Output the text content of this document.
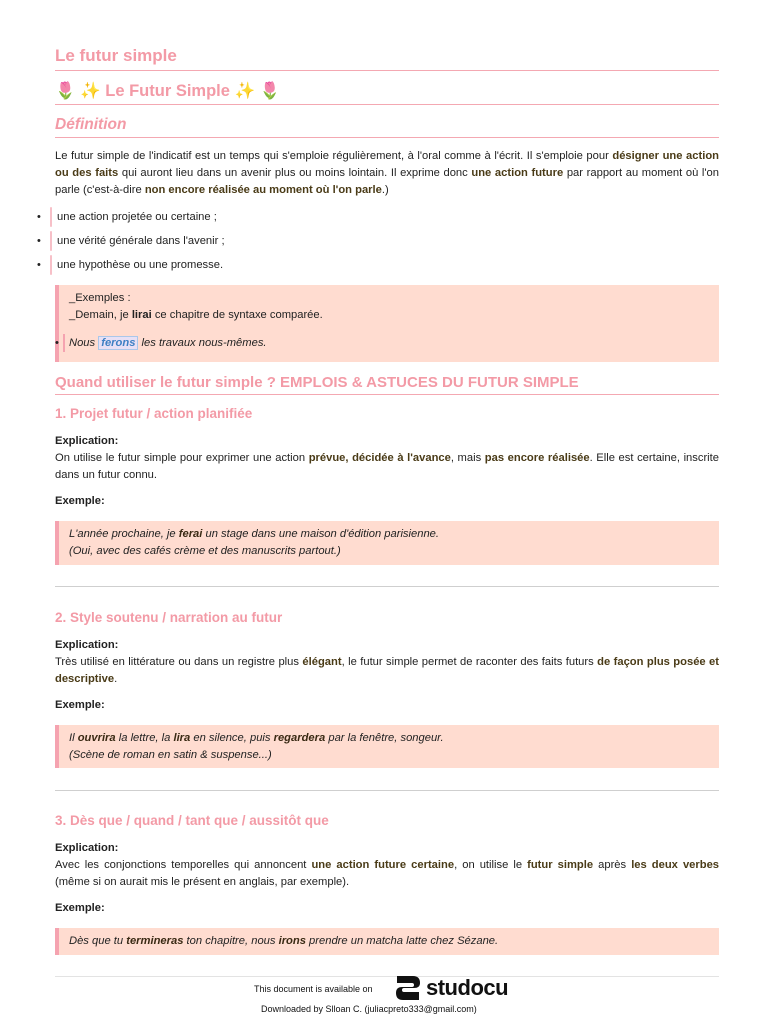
Le futur simple
🌷 ✨ Le Futur Simple ✨ 🌷
Définition
Le futur simple de l'indicatif est un temps qui s'emploie régulièrement, à l'oral comme à l'écrit. Il s'emploie pour désigner une action ou des faits qui auront lieu dans un avenir plus ou moins lointain. Il exprime donc une action future par rapport au moment où l'on parle (c'est-à-dire non encore réalisée au moment où l'on parle.)
• une action projetée ou certaine ;
• une vérité générale dans l'avenir ;
• une hypothèse ou une promesse.
_Exemples :
_Demain, je lirai ce chapitre de syntaxe comparée.
• Nous ferons les travaux nous-mêmes.
Quand utiliser le futur simple ? EMPLOIS & ASTUCES DU FUTUR SIMPLE
1. Projet futur / action planifiée
Explication:
On utilise le futur simple pour exprimer une action prévue, décidée à l'avance, mais pas encore réalisée. Elle est certaine, inscrite dans un futur connu.
Exemple:
L'année prochaine, je ferai un stage dans une maison d'édition parisienne.
(Oui, avec des cafés crème et des manuscrits partout.)
2. Style soutenu / narration au futur
Explication:
Très utilisé en littérature ou dans un registre plus élégant, le futur simple permet de raconter des faits futurs de façon plus posée et descriptive.
Exemple:
Il ouvrira la lettre, la lira en silence, puis regardera par la fenêtre, songeur.
(Scène de roman en satin & suspense...)
3. Dès que / quand / tant que / aussitôt que
Explication:
Avec les conjonctions temporelles qui annoncent une action future certaine, on utilise le futur simple après les deux verbes (même si on aurait mis le présent en anglais, par exemple).
Exemple:
Dès que tu termineras ton chapitre, nous irons prendre un matcha latte chez Sézane.
This document is available on studocu
Downloaded by Slloan C. (juliacpreto333@gmail.com)
